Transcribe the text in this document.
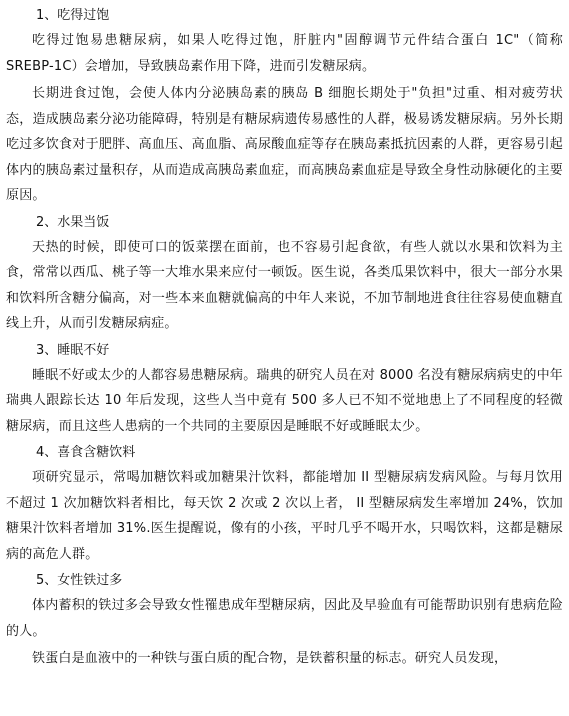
1、吃得过饱

吃得过饱易患糖尿病，如果人吃得过饱，肝脏内"固醇调节元件结合蛋白 1C"（简称 SREBP-1C）会增加，导致胰岛素作用下降，进而引发糖尿病。

长期进食过饱，会使人体内分泌胰岛素的胰岛 B 细胞长期处于"负担"过重、相对疲劳状态，造成胰岛素分泌功能障碍，特别是有糖尿病遗传易感性的人群，极易诱发糖尿病。另外长期吃过多饮食对于肥胖、高血压、高血脂、高尿酸血症等存在胰岛素抵抗因素的人群，更容易引起体内的胰岛素过量积存，从而造成高胰岛素血症，而高胰岛素血症是导致全身性动脉硬化的主要原因。

2、水果当饭

天热的时候，即使可口的饭菜摆在面前，也不容易引起食欲，有些人就以水果和饮料为主食，常常以西瓜、桃子等一大堆水果来应付一顿饭。医生说，各类瓜果饮料中，很大一部分水果和饮料所含糖分偏高，对一些本来血糖就偏高的中年人来说，不加节制地进食往往容易使血糖直线上升，从而引发糖尿病症。

3、睡眠不好

睡眠不好或太少的人都容易患糖尿病。瑞典的研究人员在对 8000 名没有糖尿病病史的中年瑞典人跟踪长达 10 年后发现，这些人当中竟有 500 多人已不知不觉地患上了不同程度的轻微糖尿病，而且这些人患病的一个共同的主要原因是睡眠不好或睡眠太少。

4、喜食含糖饮料

项研究显示，常喝加糖饮料或加糖果汁饮料，都能增加 II 型糖尿病发病风险。与每月饮用不超过 1 次加糖饮料者相比，每天饮 2 次或 2 次以上者， II 型糖尿病发生率增加 24%，饮加糖果汁饮料者增加 31%.医生提醒说，像有的小孩，平时几乎不喝开水，只喝饮料，这都是糖尿病的高危人群。

5、女性铁过多

体内蓄积的铁过多会导致女性罹患成年型糖尿病，因此及早验血有可能帮助识别有患病危险的人。

铁蛋白是血液中的一种铁与蛋白质的配合物，是铁蓄积量的标志。研究人员发现，
